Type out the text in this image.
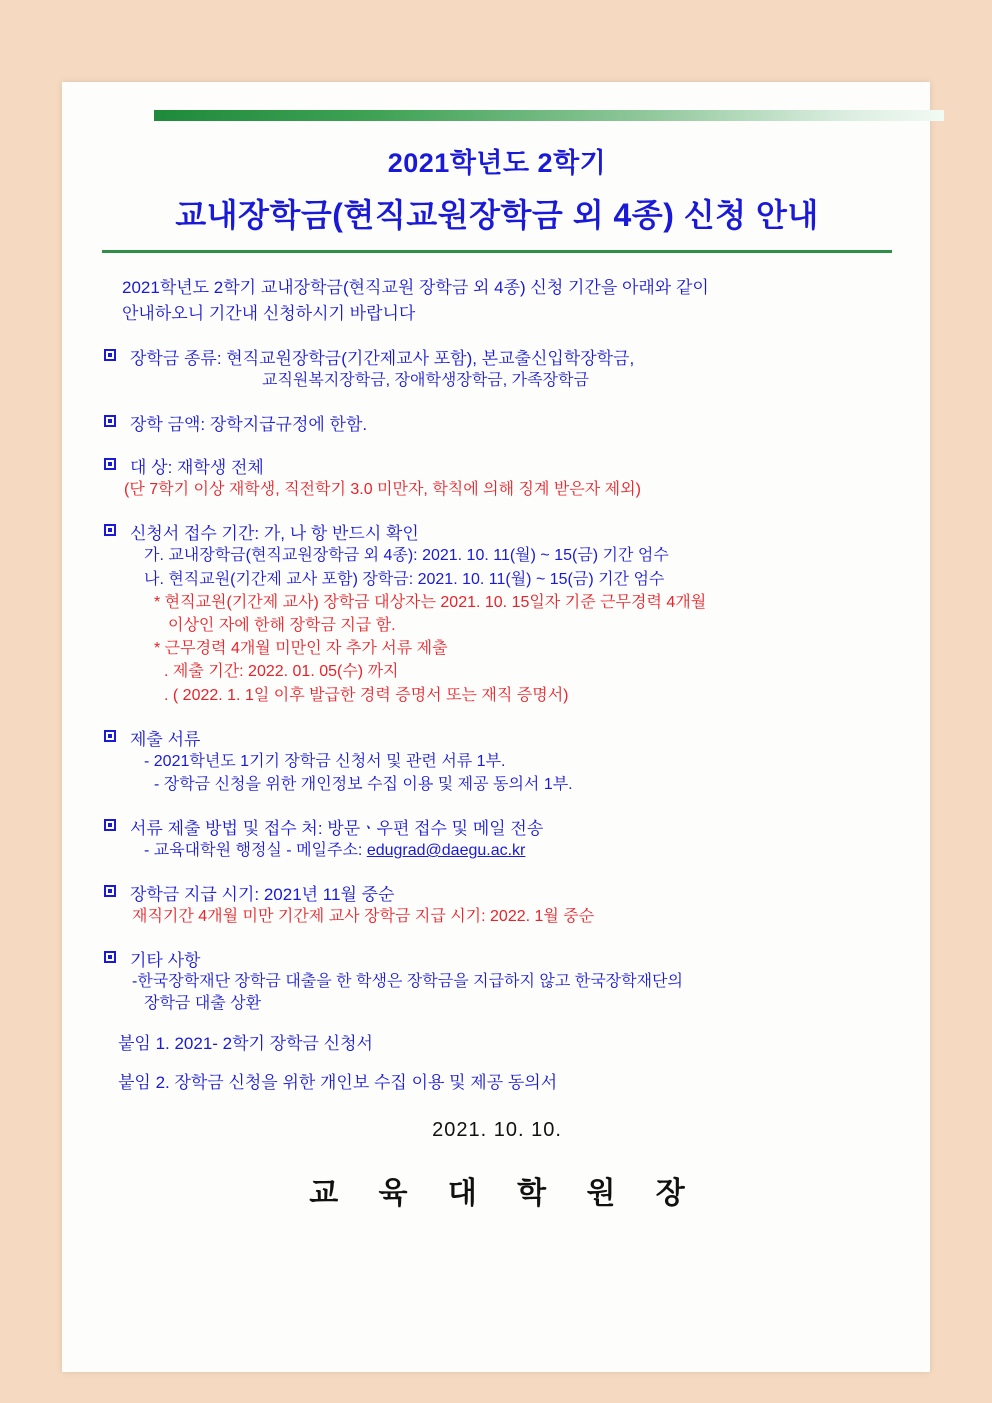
2021학년도 2학기
교내장학금(현직교원장학금 외 4종) 신청 안내
2021학년도 2학기 교내장학금(현직교원 장학금 외 4종) 신청 기간을 아래와 같이
안내하오니 기간내 신청하시기 바랍니다
장학금 종류: 현직교원장학금(기간제교사 포함), 본교출신입학장학금,
교직원복지장학금, 장애학생장학금, 가족장학금
장학 금액: 장학지급규정에 한함.
대 상: 재학생 전체
(단 7학기 이상 재학생, 직전학기 3.0 미만자, 학칙에 의해 징계 받은자 제외)
신청서 접수 기간: 가, 나 항 반드시 확인
가. 교내장학금(현직교원장학금 외 4종): 2021. 10. 11(월) ~ 15(금) 기간 엄수
나. 현직교원(기간제 교사 포함) 장학금: 2021. 10. 11(월) ~ 15(금) 기간 엄수
* 현직교원(기간제 교사) 장학금 대상자는 2021. 10. 15일자 기준 근무경력 4개월
이상인 자에 한해 장학금 지급 함.
* 근무경력 4개월 미만인 자 추가 서류 제출
. 제출 기간: 2022. 01. 05(수) 까지
. ( 2022. 1. 1일 이후 발급한 경력 증명서 또는 재직 증명서)
제출 서류
- 2021학년도 1기기 장학금 신청서 및 관련 서류 1부.
- 장학금 신청을 위한 개인정보 수집 이용 및 제공 동의서 1부.
서류 제출 방법 및 접수 처: 방문ㆍ우편 접수 및 메일 전송
- 교육대학원 행정실 - 메일주소: edugrad@daegu.ac.kr
장학금 지급 시기: 2021년 11월 중순
재직기간 4개월 미만 기간제 교사 장학금 지급 시기: 2022. 1월 중순
기타 사항
-한국장학재단 장학금 대출을 한 학생은 장학금을 지급하지 않고 한국장학재단의
장학금 대출 상환
붙임 1. 2021- 2학기 장학금 신청서
붙임 2. 장학금 신청을 위한 개인보 수집 이용 및 제공 동의서
2021. 10. 10.
교 육 대 학 원 장
